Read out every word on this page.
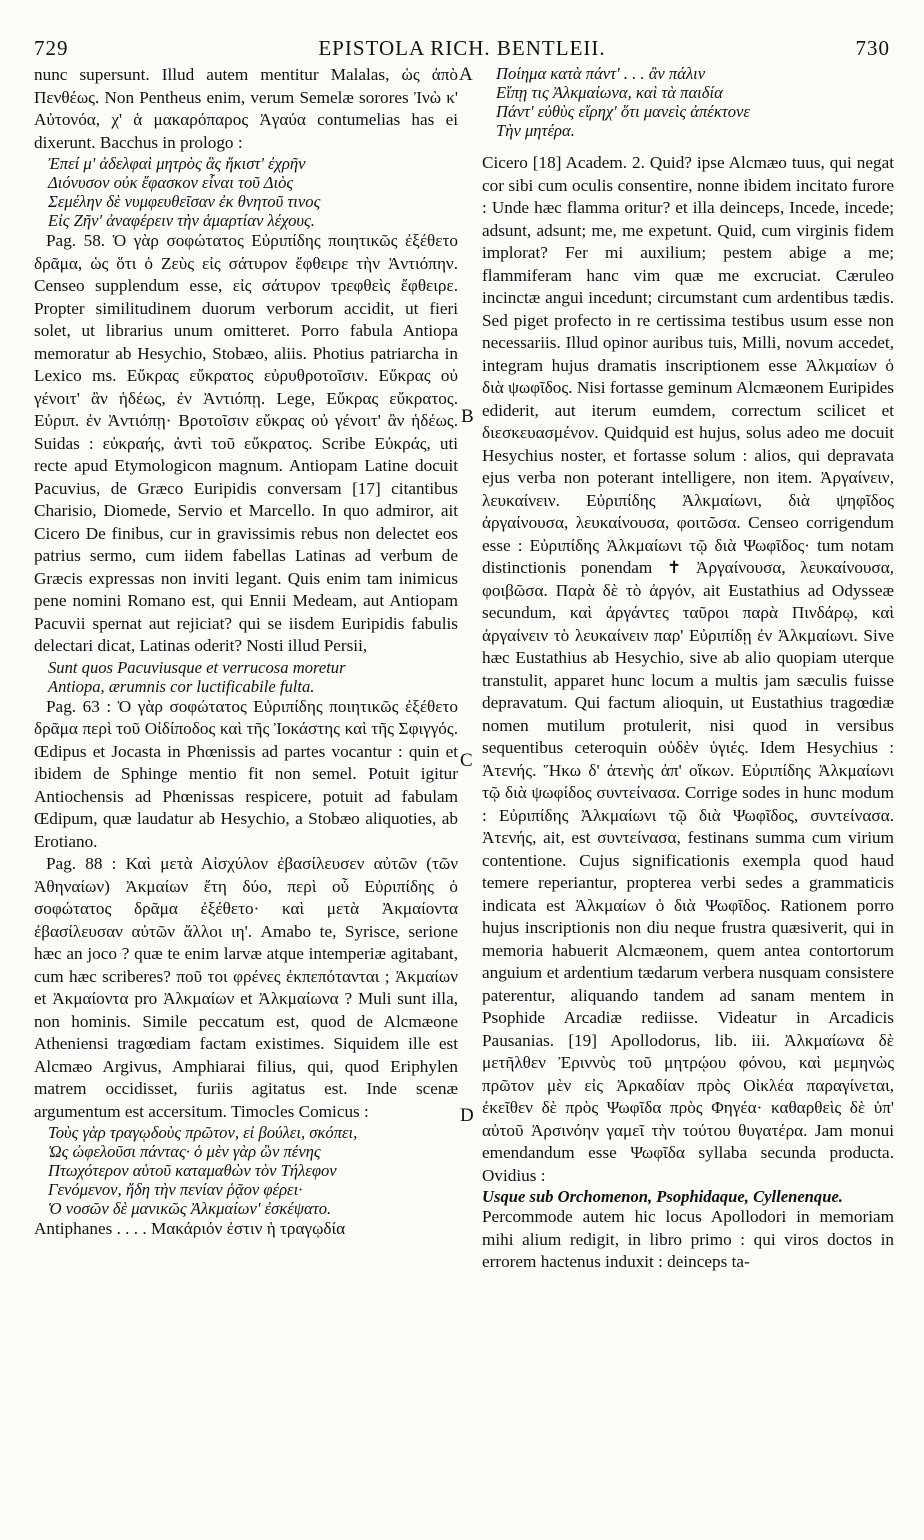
729	EPISTOLA RICH. BENTLEII.	730
A
B
C
D

nunc supersunt. Illud autem mentitur Malalas, ὡς ἀπὸ Πενθέως. Non Pentheus enim, verum Semelæ sorores Ἰνὼ κ' Αὐτονόα, χ' ἁ μακαρόπαρος Ἀγαύα contumelias has ei dixerunt. Bacchus in prologo :

Ἐπεί μ' ἀδελφαὶ μητρὸς ἃς ἥκιστ' ἐχρῆν
Διόνυσον οὐκ ἔφασκον εἶναι τοῦ Διὸς
Σεμέλην δὲ νυμφευθεῖσαν ἐκ θνητοῦ τινος
Εἰς Ζῆν' ἀναφέρειν τὴν ἁμαρτίαν λέχους.

Pag. 58. Ὁ γὰρ σοφώτατος Εὐριπίδης ποιητικῶς ἐξέθετο δρᾶμα, ὡς ὅτι ὁ Ζεὺς εἰς σάτυρον ἔφθειρε τὴν Ἀντιόπην. Censeo supplendum esse, εἰς σάτυρον τρεφθεὶς ἔφθειρε. Propter similitudinem duorum verborum accidit, ut fieri solet, ut librarius unum omitteret. Porro fabula Antiopa memoratur ab Hesychio, Stobæo, aliis. Photius patriarcha in Lexico ms. Εὔκρας εὔκρατος εὐρυθροτοῖσιν. Εὔκρας οὐ γένοιτ' ἂν ἡδέως, ἐν Ἀντιόπῃ. Lege, Εὔκρας εὔκρατος. Εὐριπ. ἐν Ἀντιόπῃ· Βροτοῖσιν εὔκρας οὐ γένοιτ' ἂν ἡδέως. Suidas : εὐκραής, ἀντὶ τοῦ εὔκρατος. Scribe Εὐκράς, uti recte apud Etymologicon magnum. Antiopam Latine docuit Pacuvius, de Græco Euripidis conversam [17] citantibus Charisio, Diomede, Servio et Marcello. In quo admiror, ait Cicero De finibus, cur in gravissimis rebus non delectet eos patrius sermo, cum iidem fabellas Latinas ad verbum de Græcis expressas non inviti legant. Quis enim tam inimicus pene nomini Romano est, qui Ennii Medeam, aut Antiopam Pacuvii spernat aut rejiciat? qui se iisdem Euripidis fabulis delectari dicat, Latinas oderit? Nosti illud Persii,

Sunt quos Pacuviusque et verrucosa moretur
Antiopa, ærumnis cor luctificabile fulta.

Pag. 63 : Ὁ γὰρ σοφώτατος Εὐριπίδης ποιητικῶς ἐξέθετο δρᾶμα περὶ τοῦ Οἰδίποδος καὶ τῆς Ἰοκάστης καὶ τῆς Σφιγγός. Œdipus et Jocasta in Phœnissis ad partes vocantur : quin et ibidem de Sphinge mentio fit non semel. Potuit igitur Antiochensis ad Phœnissas respicere, potuit ad fabulam Œdipum, quæ laudatur ab Hesychio, a Stobæo aliquoties, ab Erotiano.

Pag. 88 : Καὶ μετὰ Αἰσχύλον ἐβασίλευσεν αὐτῶν (τῶν Ἀθηναίων) Ἀκμαίων ἔτη δύο, περὶ οὗ Εὐριπίδης ὁ σοφώτατος δρᾶμα ἐξέθετο· καὶ μετὰ Ἀκμαίοντα ἐβασίλευσαν αὐτῶν ἄλλοι ιη'. Amabo te, Syrisce, serione hæc an joco ? quæ te enim larvæ atque intemperiæ agitabant, cum hæc scriberes? ποῦ τοι φρένες ἐκπεπότανται ; Ἀκμαίων et Ἀκμαίοντα pro Ἀλκμαίων et Ἀλκμαίωνα ? Muli sunt illa, non hominis. Simile peccatum est, quod de Alcmæone Atheniensi tragœdiam factam existimes. Siquidem ille est Alcmæo Argivus, Amphiarai filius, qui, quod Eriphylen matrem occidisset, furiis agitatus est. Inde scenæ argumentum est accersitum. Timocles Comicus :

Τοὺς γὰρ τραγῳδοὺς πρῶτον, εἰ βούλει, σκόπει,
Ὡς ὠφελοῦσι πάντας· ὁ μὲν γὰρ ὢν πένης
Πτωχότερον αὑτοῦ καταμαθὼν τὸν Τήλεφον
Γενόμενον, ἤδη τὴν πενίαν ῥᾷον φέρει·
Ὁ νοσῶν δὲ μανικῶς Ἀλκμαίων' ἐσκέψατο.

Antiphanes . . . . Μακάριόν ἐστιν ἡ τραγῳδία

Ποίημα κατὰ πάντ' . . . ἂν πάλιν
Εἴπῃ τις Ἀλκμαίωνα, καὶ τὰ παιδία
Πάντ' εὐθὺς εἴρηχ' ὅτι μανεὶς ἀπέκτονε
Τὴν μητέρα.

Cicero [18] Academ. 2. Quid? ipse Alcmæo tuus, qui negat cor sibi cum oculis consentire, nonne ibidem incitato furore : Unde hæc flamma oritur? et illa deinceps, Incede, incede; adsunt, adsunt; me, me expetunt. Quid, cum virginis fidem implorat? Fer mi auxilium; pestem abige a me; flammiferam hanc vim quæ me excruciat. Cæruleo incinctæ angui incedunt; circumstant cum ardentibus tædis. Sed piget profecto in re certissima testibus usum esse non necessariis. Illud opinor auribus tuis, Milli, novum accedet, integram hujus dramatis inscriptionem esse Ἀλκμαίων ὁ διὰ ψωφῖδος. Nisi fortasse geminum Alcmæonem Euripides ediderit, aut iterum eumdem, correctum scilicet et διεσκευασμένον. Quidquid est hujus, solus adeo me docuit Hesychius noster, et fortasse solum : alios, qui depravata ejus verba non poterant intelligere, non item. Ἀργαίνειν, λευκαίνειν. Εὐριπίδης Ἀλκμαίωνι, διὰ ψηφῖδος ἀργαίνουσα, λευκαίνουσα, φοιτῶσα. Censeo corrigendum esse : Εὐριπίδης Ἀλκμαίωνι τῷ διὰ Ψωφῖδος· tum notam distinctionis ponendam ✝ Ἀργαίνουσα, λευκαίνουσα, φοιβῶσα. Παρὰ δὲ τὸ ἀργόν, ait Eustathius ad Odysseæ secundum, καὶ ἀργάντες ταῦροι παρὰ Πινδάρῳ, καὶ ἀργαίνειν τὸ λευκαίνειν παρ' Εὐριπίδῃ ἐν Ἀλκμαίωνι. Sive hæc Eustathius ab Hesychio, sive ab alio quopiam uterque transtulit, apparet hunc locum a multis jam sæculis fuisse depravatum. Qui factum alioquin, ut Eustathius tragœdiæ nomen mutilum protulerit, nisi quod in versibus sequentibus ceteroquin οὐδὲν ὑγιές. Idem Hesychius : Ἀτενής. Ἥκω δ' ἀτενὴς ἀπ' οἴκων. Εὐριπίδης Ἀλκμαίωνι τῷ διὰ ψωφίδος συντείνασα. Corrige sodes in hunc modum : Εὐριπίδης Ἀλκμαίωνι τῷ διὰ Ψωφῖδος, συντείνασα. Ἀτενής, ait, est συντείνασα, festinans summa cum virium contentione. Cujus significationis exempla quod haud temere reperiantur, propterea verbi sedes a grammaticis indicata est Ἀλκμαίων ὁ διὰ Ψωφῖδος. Rationem porro hujus inscriptionis non diu neque frustra quæsiverit, qui in memoria habuerit Alcmæonem, quem antea contortorum anguium et ardentium tædarum verbera nusquam consistere paterentur, aliquando tandem ad sanam mentem in Psophide Arcadiæ rediisse. Videatur in Arcadicis Pausanias. [19] Apollodorus, lib. iii. Ἀλκμαίωνα δὲ μετῆλθεν Ἐριννὺς τοῦ μητρῴου φόνου, καὶ μεμηνὼς πρῶτον μὲν εἰς Ἀρκαδίαν πρὸς Οἰκλέα παραγίνεται, ἐκεῖθεν δὲ πρὸς Ψωφῖδα πρὸς Φηγέα· καθαρθεὶς δὲ ὑπ' αὐτοῦ Ἀρσινόην γαμεῖ τὴν τούτου θυγατέρα. Jam monui emendandum esse Ψωφῖδα syllaba secunda producta. Ovidius :

Usque sub Orchomenon, Psophidaque, Cyllenenque.

Percommode autem hic locus Apollodori in memoriam mihi alium redigit, in libro primo : qui viros doctos in errorem hactenus induxit : deinceps ta-
